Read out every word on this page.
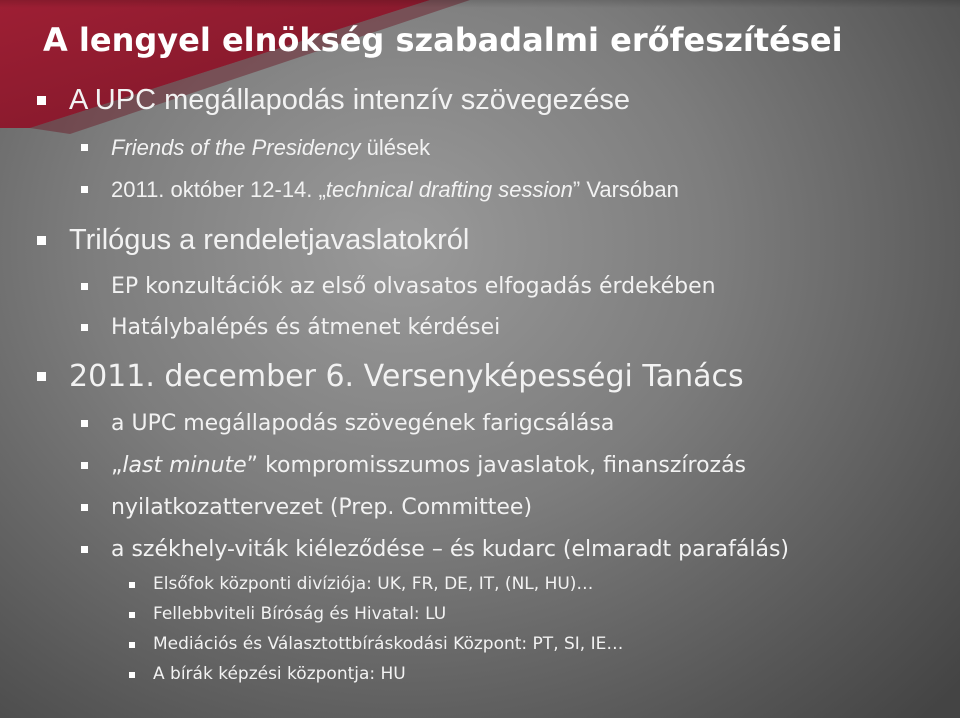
A lengyel elnökség szabadalmi erőfeszítései
A UPC megállapodás intenzív szövegezése
Friends of the Presidency ülések
2011. október 12-14. „technical drafting session” Varsóban
Trilógus a rendeletjavaslatokról
EP konzultációk az első olvasatos elfogadás érdekében
Hatálybalépés és átmenet kérdései
2011. december 6. Versenyképességi Tanács
a UPC megállapodás szövegének farigcsálása
„last minute” kompromisszumos javaslatok, finanszírozás
nyilatkozattervezet (Prep. Committee)
a székhely-viták kiéleződése – és kudarc (elmaradt parafálás)
Elsőfok központi divíziója: UK, FR, DE, IT, (NL, HU)…
Fellebbviteli Bíróság és Hivatal: LU
Mediációs és Választottbíráskodási Központ: PT, SI, IE…
A bírák képzési központja: HU
